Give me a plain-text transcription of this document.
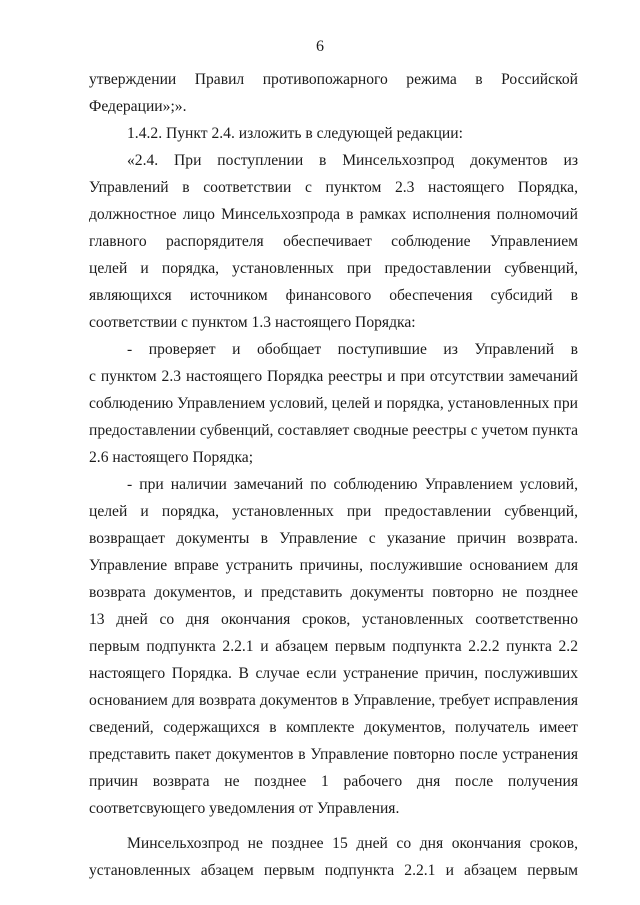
6
утверждении Правил противопожарного режима в Российской
Федерации»;».
1.4.2. Пункт 2.4. изложить в следующей редакции:
«2.4. При поступлении в Минсельхозпрод документов из
Управлений в соответствии с пунктом 2.3 настоящего Порядка,
должностное лицо Минсельхозпрода в рамках исполнения полномочий
главного распорядителя обеспечивает соблюдение Управлением
целей и порядка, установленных при предоставлении субвенций,
являющихся источником финансового обеспечения субсидий в
соответствии с пунктом 1.3 настоящего Порядка:
- проверяет и обобщает поступившие из Управлений в
с пунктом 2.3 настоящего Порядка реестры и при отсутствии замечаний
соблюдению Управлением условий, целей и порядка, установленных при
предоставлении субвенций, составляет сводные реестры с учетом пункта
2.6 настоящего Порядка;
- при наличии замечаний по соблюдению Управлением условий,
целей и порядка, установленных при предоставлении субвенций,
возвращает документы в Управление с указание причин возврата.
Управление вправе устранить причины, послужившие основанием для
возврата документов, и представить документы повторно не позднее
13 дней со дня окончания сроков, установленных соответственно
первым подпункта 2.2.1 и абзацем первым подпункта 2.2.2 пункта 2.2
настоящего Порядка. В случае если устранение причин, послуживших
основанием для возврата документов в Управление, требует исправления
сведений, содержащихся в комплекте документов, получатель имеет
представить пакет документов в Управление повторно после устранения
причин возврата не позднее 1 рабочего дня после получения
соответсвующего уведомления от Управления.
Минсельхозпрод не позднее 15 дней со дня окончания сроков,
установленных абзацем первым подпункта 2.2.1 и абзацем первым
